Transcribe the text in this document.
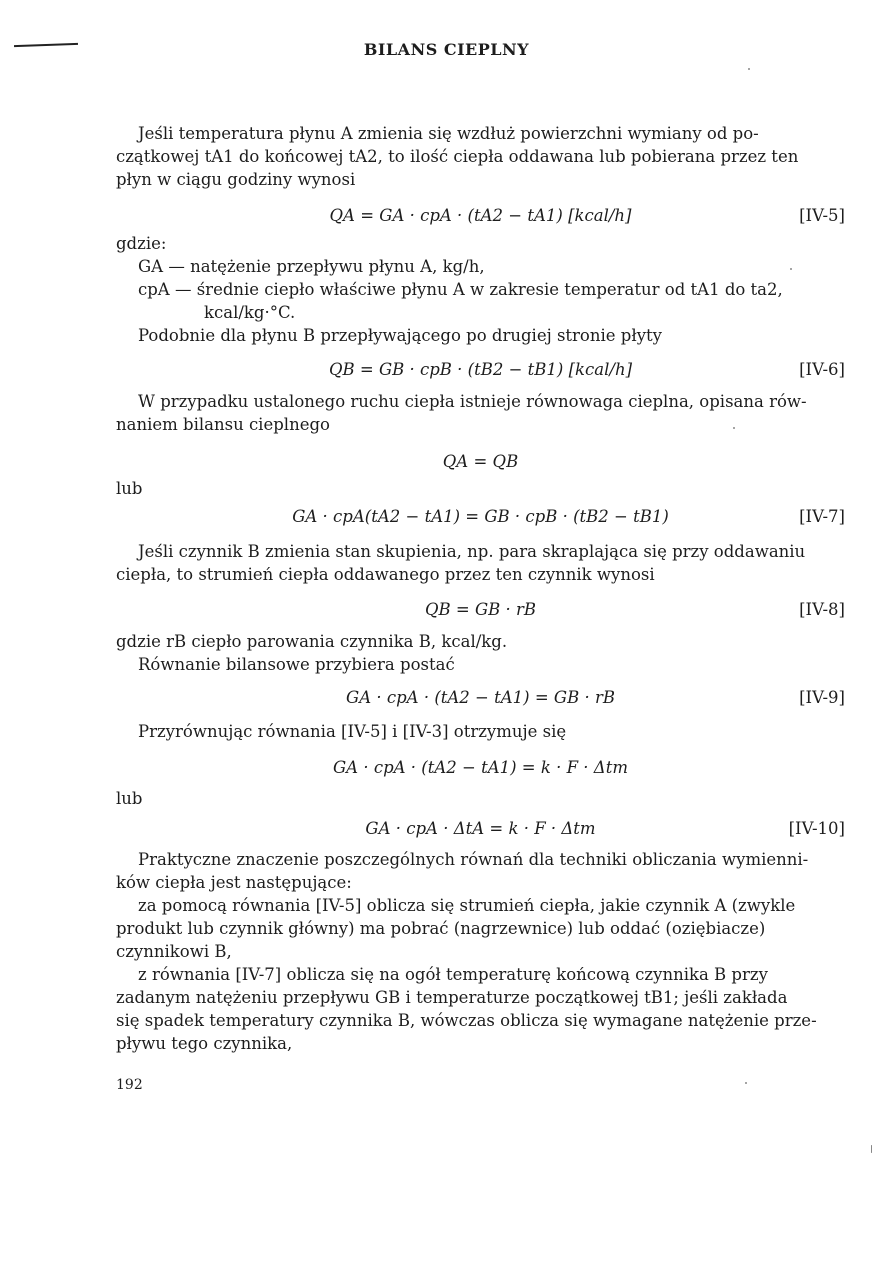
BILANS CIEPLNY
Jeśli temperatura płynu A zmienia się wzdłuż powierzchni wymiany od po-
czątkowej tA1 do końcowej tA2, to ilość ciepła oddawana lub pobierana przez ten
płyn w ciągu godziny wynosi
QA = GA · cpA · (tA2 − tA1) [kcal/h]	[IV-5]
gdzie:
GA — natężenie przepływu płynu A, kg/h,
cpA — średnie ciepło właściwe płynu A w zakresie temperatur od tA1 do ta2,
kcal/kg·°C.
Podobnie dla płynu B przepływającego po drugiej stronie płyty
QB = GB · cpB · (tB2 − tB1) [kcal/h]	[IV-6]
W przypadku ustalonego ruchu ciepła istnieje równowaga cieplna, opisana rów-
naniem bilansu cieplnego
QA = QB
lub
GA · cpA(tA2 − tA1) = GB · cpB · (tB2 − tB1)	[IV-7]
Jeśli czynnik B zmienia stan skupienia, np. para skraplająca się przy oddawaniu
ciepła, to strumień ciepła oddawanego przez ten czynnik wynosi
QB = GB · rB	[IV-8]
gdzie rB ciepło parowania czynnika B, kcal/kg.
Równanie bilansowe przybiera postać
GA · cpA · (tA2 − tA1) = GB · rB	[IV-9]
Przyrównując równania [IV-5] i [IV-3] otrzymuje się
GA · cpA · (tA2 − tA1) = k · F · Δtm
lub
GA · cpA · ΔtA = k · F · Δtm	[IV-10]
Praktyczne znaczenie poszczególnych równań dla techniki obliczania wymienni-
ków ciepła jest następujące:
za pomocą równania [IV-5] oblicza się strumień ciepła, jakie czynnik A (zwykle
produkt lub czynnik główny) ma pobrać (nagrzewnice) lub oddać (oziębiacze)
czynnikowi B,
z równania [IV-7] oblicza się na ogół temperaturę końcową czynnika B przy
zadanym natężeniu przepływu GB i temperaturze początkowej tB1; jeśli zakłada
się spadek temperatury czynnika B, wówczas oblicza się wymagane natężenie prze-
pływu tego czynnika,
192
